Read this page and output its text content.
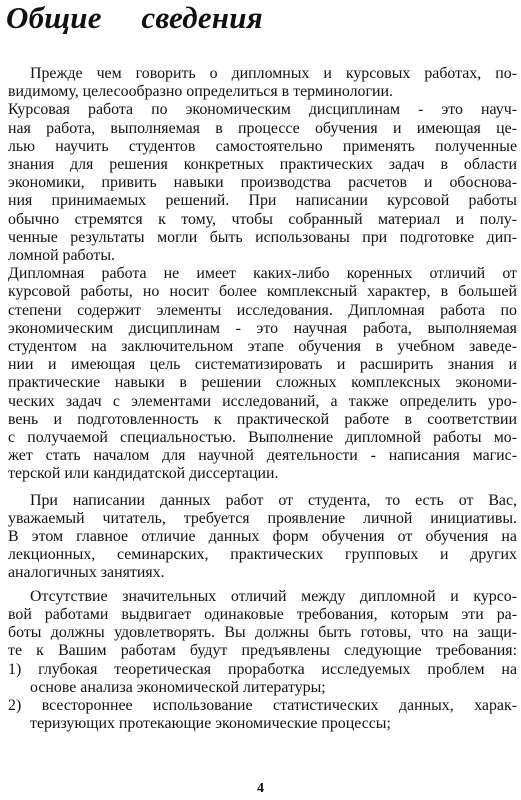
Общие     сведения
Прежде чем говорить о дипломных и курсовых работах, по-
видимому, целесообразно определиться в терминологии.
Курсовая работа по экономическим дисциплинам - это науч-
ная работа, выполняемая в процессе обучения и имеющая це-
лью научить студентов самостоятельно применять полученные
знания для решения конкретных практических задач в области
экономики, привить навыки производства расчетов и обоснова-
ния принимаемых решений. При написании курсовой работы
обычно стремятся к тому, чтобы собранный материал и полу-
ченные результаты могли быть использованы при подготовке дип-
ломной работы.
Дипломная работа не имеет каких-либо коренных отличий от
курсовой работы, но носит более комплексный характер, в большей
степени содержит элементы исследования. Дипломная работа по
экономическим дисциплинам - это научная работа, выполняемая
студентом на заключительном этапе обучения в учебном заведе-
нии и имеющая цель систематизировать и расширить знания и
практические навыки в решении сложных комплексных экономи-
ческих задач с элементами исследований, а также определить уро-
вень и подготовленность к практической работе в соответствии
с получаемой специальностью. Выполнение дипломной работы мо-
жет стать началом для научной деятельности - написания магис-
терской или кандидатской диссертации.
При написании данных работ от студента, то есть от Вас,
уважаемый читатель, требуется проявление личной инициативы.
В этом главное отличие данных форм обучения от обучения на
лекционных, семинарских, практических групповых и других
аналогичных занятиях.
Отсутствие значительных отличий между дипломной и курсо-
вой работами выдвигает одинаковые требования, которым эти ра-
боты должны удовлетворять. Вы должны быть готовы, что на защи-
те к Вашим работам будут предъявлены следующие требования:
1) глубокая теоретическая проработка исследуемых проблем на
основе анализа экономической литературы;
2) всестороннее использование статистических данных, харак-
теризующих протекающие экономические процессы;
4
